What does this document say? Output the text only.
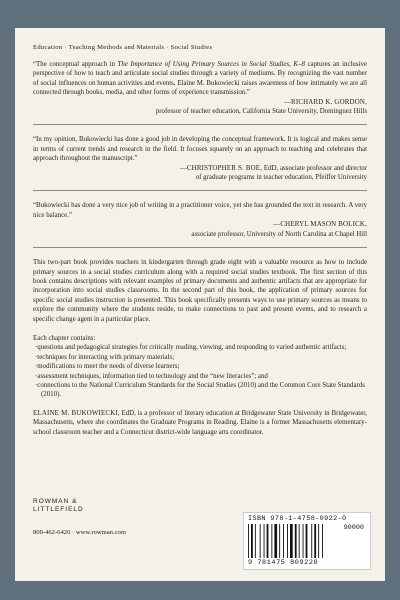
Education · Teaching Methods and Materials · Social Studies
“The conceptual approach in The Importance of Using Primary Sources in Social Studies, K–8 captures an inclusive perspective of how to teach and articulate social studies through a variety of mediums. By recognizing the vast number of social influences on human activities and events, Elaine M. Bukowiecki raises awareness of how intimately we are all connected through books, media, and other forms of experience transmission.”
—RICHARD K. GORDON,
professor of teacher education, California State University, Dominguez Hills
“In my opinion, Bukowiecki has done a good job in developing the conceptual framework. It is logical and makes sense in terms of current trends and research in the field. It focuses squarely on an approach to teaching and celebrates that approach throughout the manuscript.”
—CHRISTOPHER S. BOE, EdD, associate professor and director
of graduate programs in teacher education, Pfeiffer University
“Bukowiecki has done a very nice job of writing in a practitioner voice, yet she has grounded the text in research. A very nice balance.”
—CHERYL MASON BOLICK,
associate professor, University of North Carolina at Chapel Hill

This two-part book provides teachers in kindergarten through grade eight with a valuable resource as how to include primary sources in a social studies curriculum along with a required social studies textbook. The first section of this book contains descriptions with relevant examples of primary documents and authentic artifacts that are appropriate for incorporation into social studies classrooms. In the second part of this book, the application of primary sources for specific social studies instruction is presented. This book specifically presents ways to use primary sources as means to explore the community where the students reside, to make connections to past and present events, and to research a specific change agent in a particular place.

Each chapter contains:

· questions and pedagogical strategies for critically reading, viewing, and responding to varied authentic artifacts;
· techniques for interacting with primary materials;
· modifications to meet the needs of diverse learners;
· assessment techniques, information tied to technology and the “new literacies”; and
· connections to the National Curriculum Standards for the Social Studies (2010) and the Common Core State Standards (2010).

ELAINE M. BUKOWIECKI, EdD, is a professor of literary education at Bridgewater State University in Bridgewater, Massachusetts, where she coordinates the Graduate Programs in Reading. Elaine is a former Massachusetts elementary-school classroom teacher and a Connecticut district-wide language arts coordinator.

ROWMAN &
LITTLEFIELD
800-462-6420 · www.rowman.com
ISBN 978-1-4758-0922-0
90000
9 781475 809220
